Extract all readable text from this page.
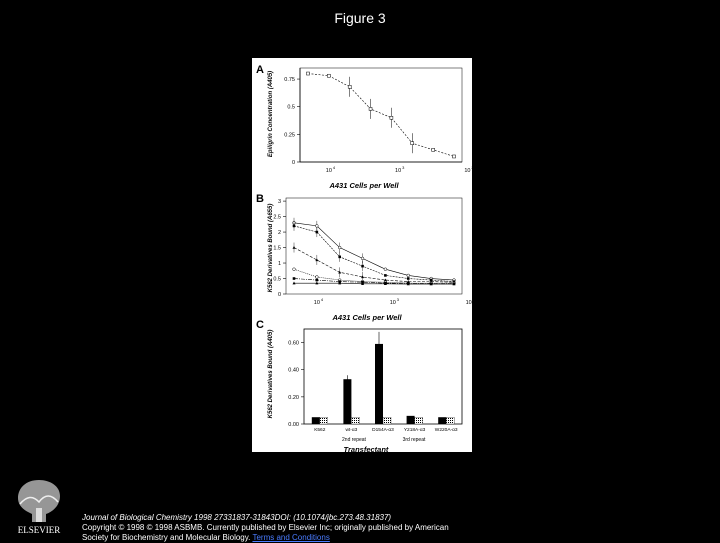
Figure 3
A
Epiligrin Concentration (A405) 0.75
0.5
0.25
0
10
4
10
3
10
2
A431 Cells per Well
B
K562 Derivatives Bound (A655)
3
2.5
2
1.5
1
0.5
0
10
4
10
3
10
2
A431 Cells per Well
C
K562 Derivatives Bound (A405)	0.60
0.40
0.20
0.00
K562	wt-α3	D154A-α3 Y218A-α3 W220A-α3
2nd repeat	3rd repeat
Transfectant
ELSEVIER
Journal of Biological Chemistry 1998 27331837-31843DOI: (10.1074/jbc.273.48.31837)
Copyright © 1998 © 1998 ASBMB. Currently published by Elsevier Inc; originally published by American
Society for Biochemistry and Molecular Biology. Terms and Conditions
